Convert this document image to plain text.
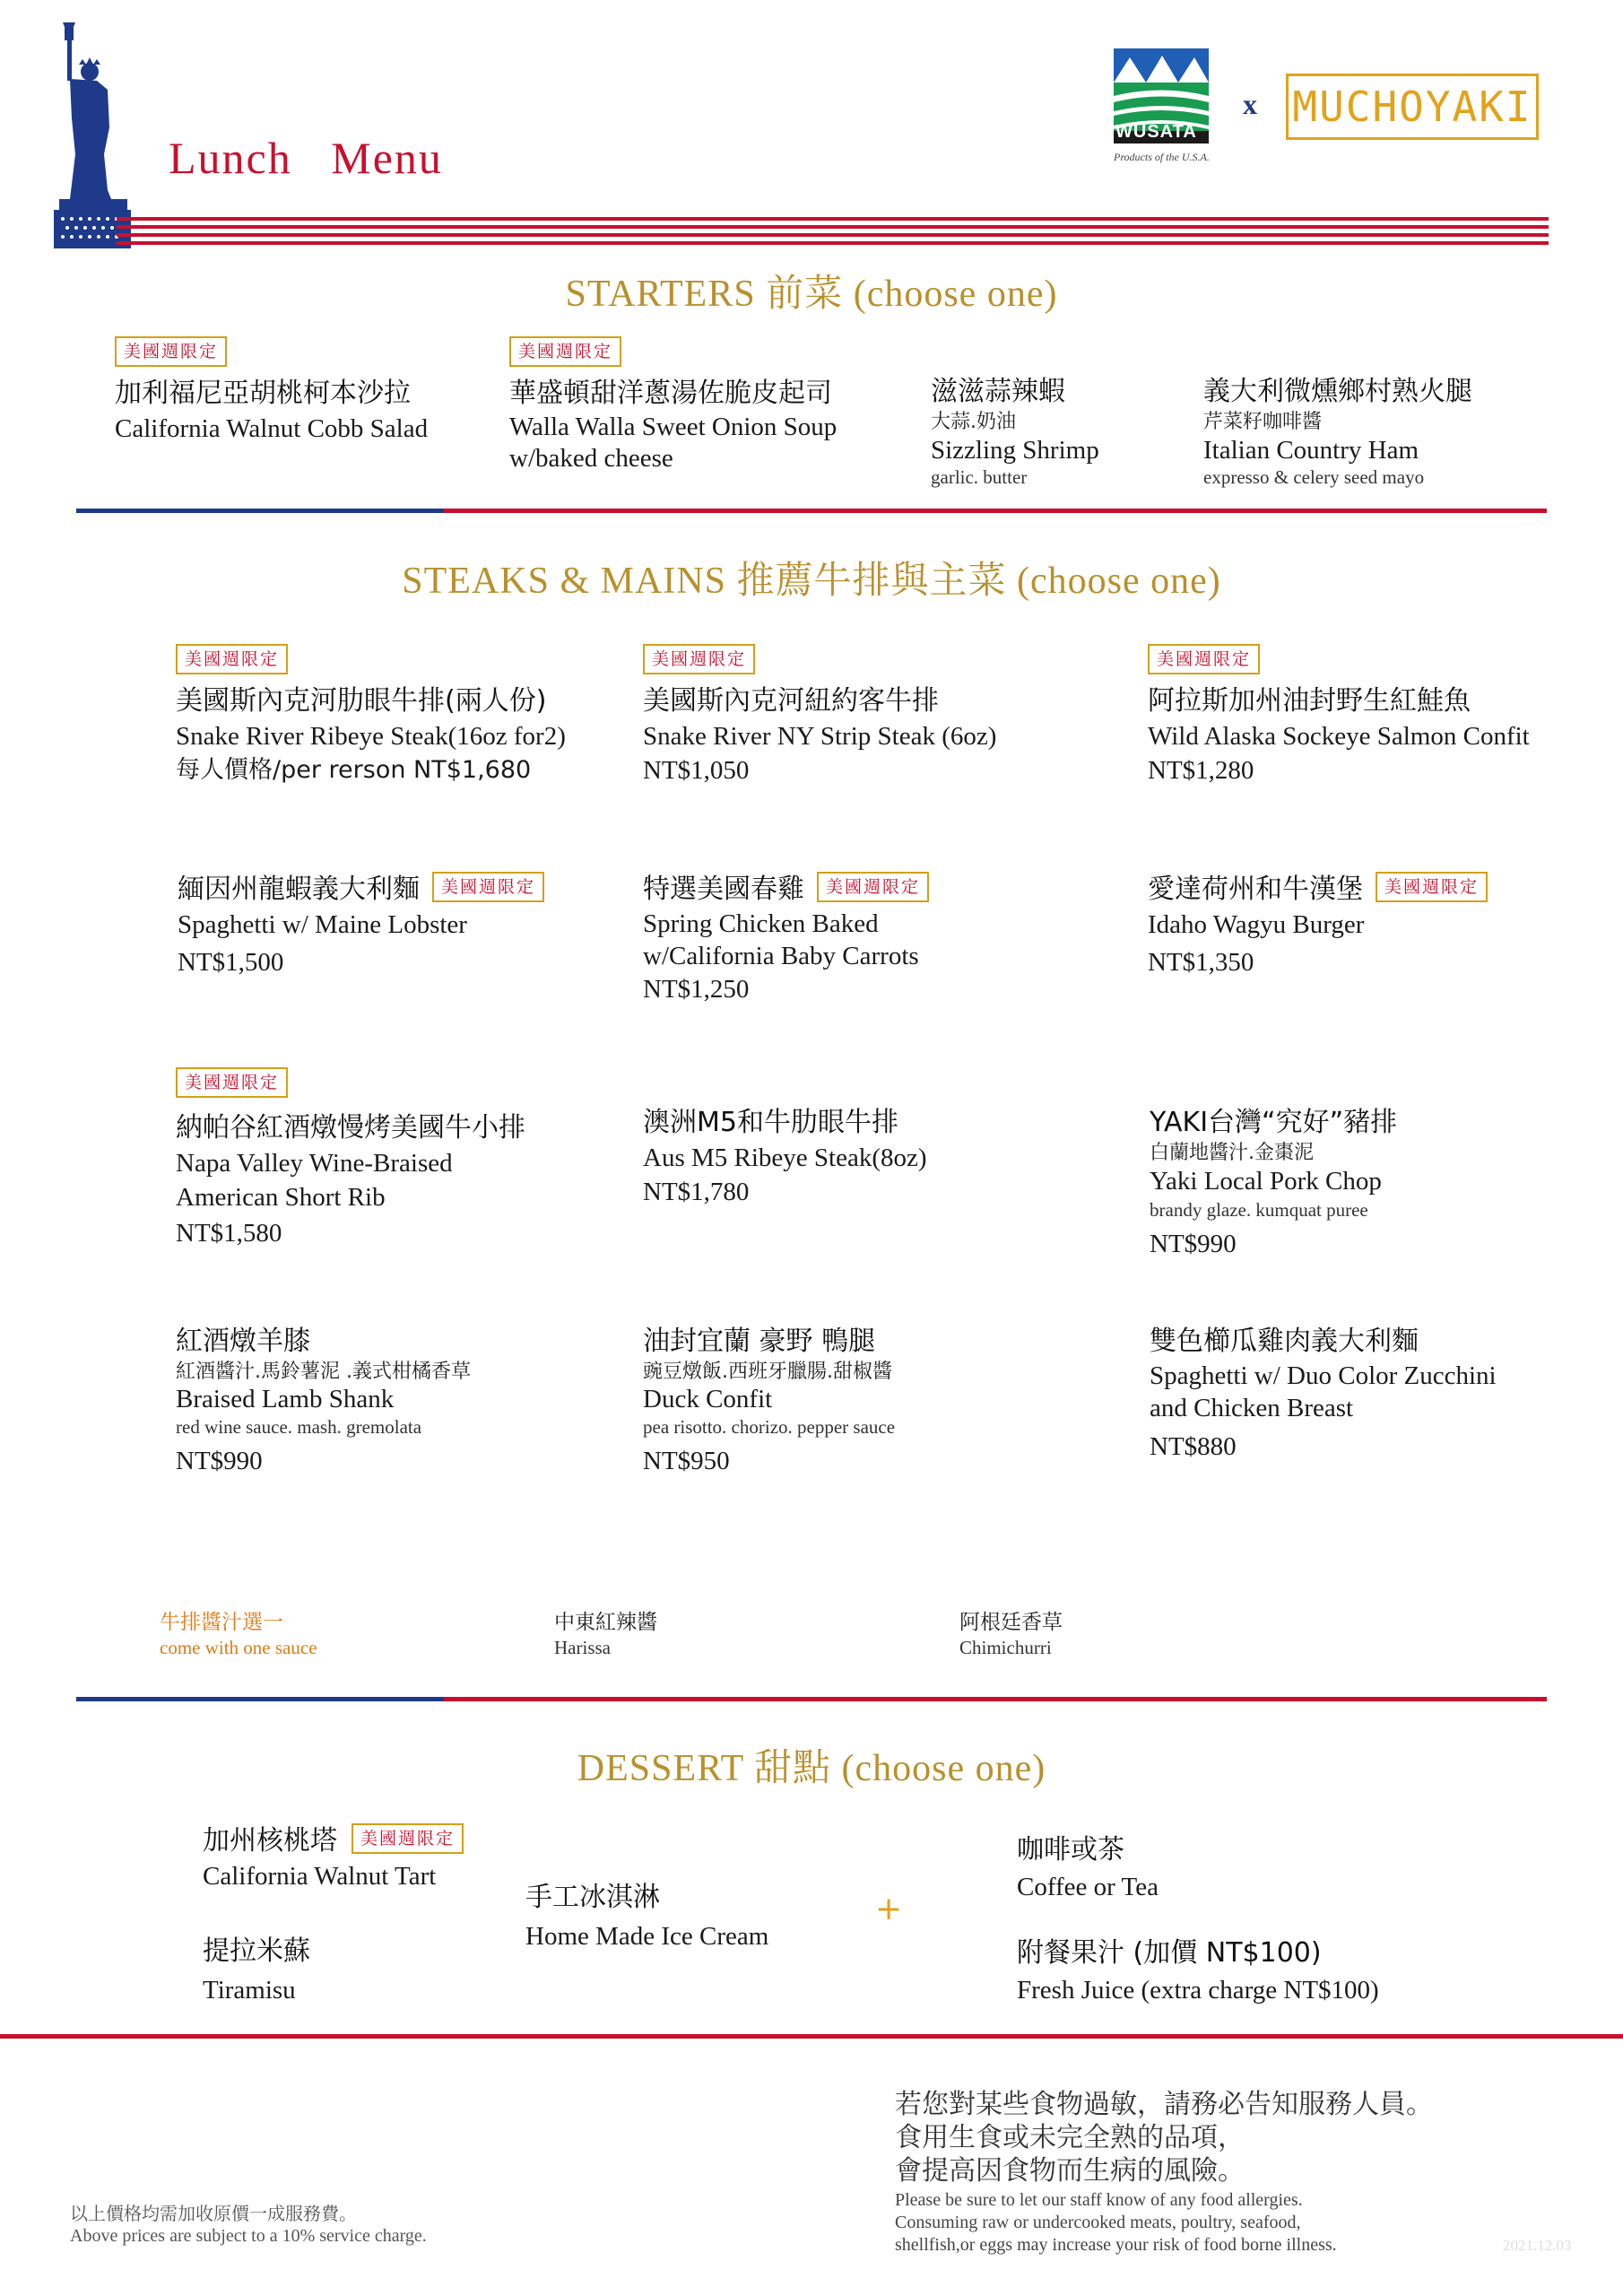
Lunch Menu
WUSATA
Products of the U.S.A.
x MUCHOYAKI
STARTERS 前菜 (choose one)
美國週限定
加利福尼亞胡桃柯本沙拉
California Walnut Cobb Salad
美國週限定
華盛頓甜洋蔥湯佐脆皮起司
Walla Walla Sweet Onion Soup
w/baked cheese
滋滋蒜辣蝦
大蒜.奶油
Sizzling Shrimp
garlic. butter
義大利微燻鄉村熟火腿
芹菜籽咖啡醬
Italian Country Ham
expresso & celery seed mayo
STEAKS & MAINS 推薦牛排與主菜 (choose one)
美國週限定
美國斯內克河肋眼牛排(兩人份)
Snake River Ribeye Steak(16oz for2)
每人價格/per rerson NT$1,680
美國週限定
美國斯內克河紐約客牛排
Snake River NY Strip Steak (6oz)
NT$1,050
美國週限定
阿拉斯加州油封野生紅鮭魚
Wild Alaska Sockeye Salmon Confit
NT$1,280
緬因州龍蝦義大利麵 美國週限定
Spaghetti w/ Maine Lobster
NT$1,500
特選美國春雞 美國週限定
Spring Chicken Baked
w/California Baby Carrots
NT$1,250
愛達荷州和牛漢堡 美國週限定
Idaho Wagyu Burger
NT$1,350
美國週限定
納帕谷紅酒燉慢烤美國牛小排
Napa Valley Wine-Braised
American Short Rib
NT$1,580
澳洲M5和牛肋眼牛排
Aus M5 Ribeye Steak(8oz)
NT$1,780
YAKI台灣“究好”豬排
白蘭地醬汁.金棗泥
Yaki Local Pork Chop
brandy glaze. kumquat puree
NT$990
紅酒燉羊膝
紅酒醬汁.馬鈴薯泥 .義式柑橘香草
Braised Lamb Shank
red wine sauce. mash. gremolata
NT$990
油封宜蘭 豪野 鴨腿
豌豆燉飯.西班牙臘腸.甜椒醬
Duck Confit
pea risotto. chorizo. pepper sauce
NT$950
雙色櫛瓜雞肉義大利麵
Spaghetti w/ Duo Color Zucchini
and Chicken Breast
NT$880
牛排醬汁選一
come with one sauce
中東紅辣醬
Harissa
阿根廷香草
Chimichurri
DESSERT 甜點 (choose one)
加州核桃塔 美國週限定
California Walnut Tart
提拉米蘇
Tiramisu
手工冰淇淋
Home Made Ice Cream
+
咖啡或茶
Coffee or Tea
附餐果汁 (加價 NT$100)
Fresh Juice (extra charge NT$100)
以上價格均需加收原價一成服務費。
Above prices are subject to a 10% service charge.
若您對某些食物過敏，請務必告知服務人員。
食用生食或未完全熟的品項，
會提高因食物而生病的風險。
Please be sure to let our staff know of any food allergies.
Consuming raw or undercooked meats, poultry, seafood,
shellfish,or eggs may increase your risk of food borne illness.	2021.12.03
